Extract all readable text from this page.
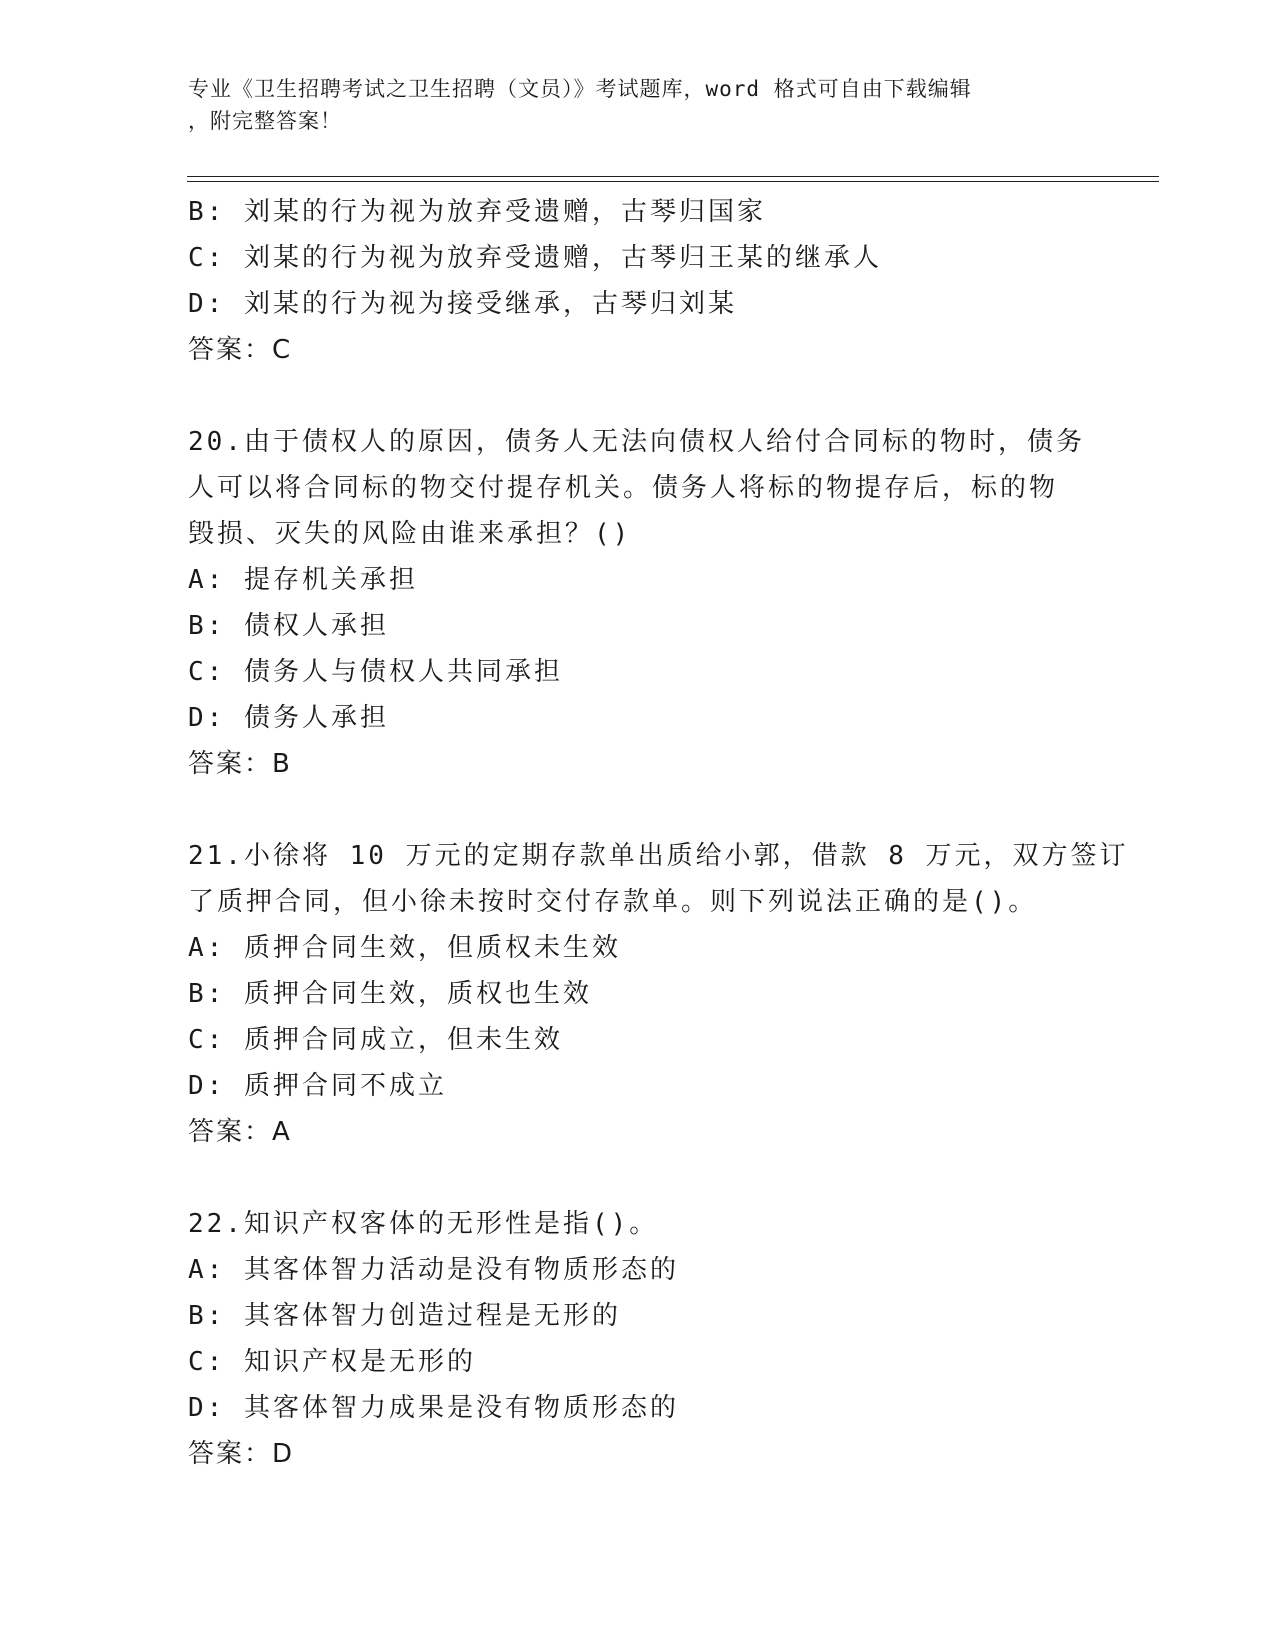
专业《卫生招聘考试之卫生招聘（文员）》考试题库，word 格式可自由下载编辑
，附完整答案！
B: 刘某的行为视为放弃受遗赠，古琴归国家
C: 刘某的行为视为放弃受遗赠，古琴归王某的继承人
D: 刘某的行为视为接受继承，古琴归刘某
答案：C
20.由于债权人的原因，债务人无法向债权人给付合同标的物时，债务
人可以将合同标的物交付提存机关。债务人将标的物提存后，标的物
毁损、灭失的风险由谁来承担？()
A: 提存机关承担
B: 债权人承担
C: 债务人与债权人共同承担
D: 债务人承担
答案：B
21.小徐将 10 万元的定期存款单出质给小郭，借款 8 万元，双方签订
了质押合同，但小徐未按时交付存款单。则下列说法正确的是()。
A: 质押合同生效，但质权未生效
B: 质押合同生效，质权也生效
C: 质押合同成立，但未生效
D: 质押合同不成立
答案：A
22.知识产权客体的无形性是指()。
A: 其客体智力活动是没有物质形态的
B: 其客体智力创造过程是无形的
C: 知识产权是无形的
D: 其客体智力成果是没有物质形态的
答案：D
